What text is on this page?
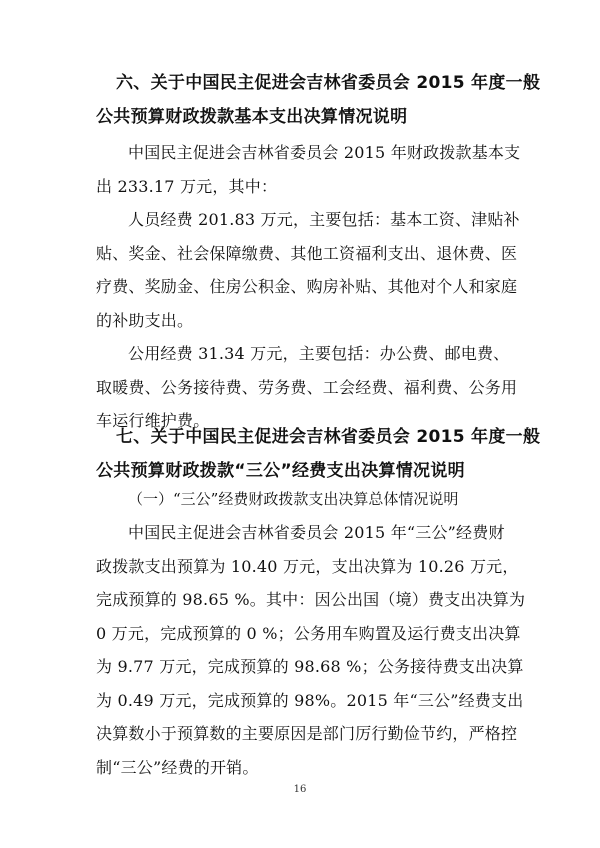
六、关于中国民主促进会吉林省委员会 2015 年度一般
公共预算财政拨款基本支出决算情况说明
中国民主促进会吉林省委员会 2015 年财政拨款基本支
出 233.17 万元，其中：
人员经费 201.83 万元，主要包括：基本工资、津贴补
贴、奖金、社会保障缴费、其他工资福利支出、退休费、医
疗费、奖励金、住房公积金、购房补贴、其他对个人和家庭
的补助支出。
公用经费 31.34 万元，主要包括：办公费、邮电费、
取暖费、公务接待费、劳务费、工会经费、福利费、公务用
车运行维护费。
七、关于中国民主促进会吉林省委员会 2015 年度一般
公共预算财政拨款“三公”经费支出决算情况说明
（一）“三公”经费财政拨款支出决算总体情况说明
中国民主促进会吉林省委员会 2015 年“三公”经费财
政拨款支出预算为 10.40 万元，支出决算为 10.26 万元，
完成预算的 98.65 %。其中：因公出国（境）费支出决算为
0 万元，完成预算的 0 %；公务用车购置及运行费支出决算
为 9.77 万元，完成预算的 98.68 %；公务接待费支出决算
为 0.49 万元，完成预算的 98%。2015 年“三公”经费支出
决算数小于预算数的主要原因是部门厉行勤俭节约，严格控
制“三公”经费的开销。
16
